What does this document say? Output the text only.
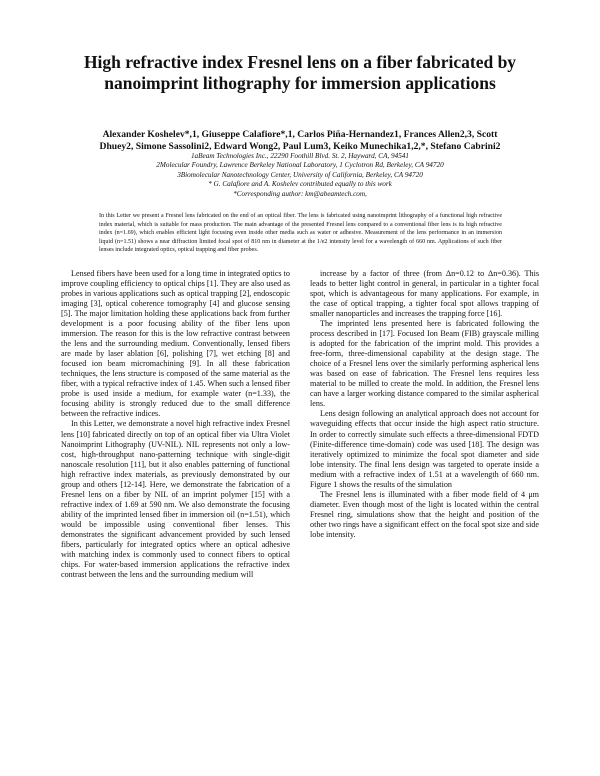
High refractive index Fresnel lens on a fiber fabricated by nanoimprint lithography for immersion applications
Alexander Koshelev*,1, Giuseppe Calafiore*,1, Carlos Piña-Hernandez1, Frances Allen2,3, Scott
Dhuey2, Simone Sassolini2, Edward Wong2, Paul Lum3, Keiko Munechika1,2,*, Stefano Cabrini2
1aBeam Technologies Inc., 22290 Foothill Blvd. St. 2, Hayward, CA, 94541
2Molecular Foundry, Lawrence Berkeley National Laboratory, 1 Cyclotron Rd, Berkeley, CA 94720
3Biomolecular Nanotechnology Center, University of California, Berkeley, CA 94720
* G. Calafiore and A. Koshelev contributed equally to this work
*Corresponding author: km@abeamtech.com,
In this Letter we present a Fresnel lens fabricated on the end of an optical fiber. The lens is fabricated using nanoimprint lithography of a functional high refractive index material, which is suitable for mass production. The main advantage of the presented Fresnel lens compared to a conventional fiber lens is its high refractive index (n=1.69), which enables efficient light focusing even inside other media such as water or adhesive. Measurement of the lens performance in an immersion liquid (n=1.51) shows a near diffraction limited focal spot of 810 nm in diameter at the 1/e2 intensity level for a wavelength of 660 nm. Applications of such fiber lenses include integrated optics, optical trapping and fiber probes.

Lensed fibers have been used for a long time in integrated optics to improve coupling efficiency to optical chips [1]. They are also used as probes in various applications such as optical trapping [2], endoscopic imaging [3], optical coherence tomography [4] and glucose sensing [5]. The major limitation holding these applications back from further development is a poor focusing ability of the fiber lens upon immersion. The reason for this is the low refractive contrast between the lens and the surrounding medium. Conventionally, lensed fibers are made by laser ablation [6], polishing [7], wet etching [8] and focused ion beam micromachining [9]. In all these fabrication techniques, the lens structure is composed of the same material as the fiber, with a typical refractive index of 1.45. When such a lensed fiber probe is used inside a medium, for example water (n=1.33), the focusing ability is strongly reduced due to the small difference between the refractive indices.

In this Letter, we demonstrate a novel high refractive index Fresnel lens [10] fabricated directly on top of an optical fiber via Ultra Violet Nanoimprint Lithography (UV-NIL). NIL represents not only a low-cost, high-throughput nano-patterning technique with single-digit nanoscale resolution [11], but it also enables patterning of functional high refractive index materials, as previously demonstrated by our group and others [12-14]. Here, we demonstrate the fabrication of a Fresnel lens on a fiber by NIL of an imprint polymer [15] with a refractive index of 1.69 at 590 nm. We also demonstrate the focusing ability of the imprinted lensed fiber in immersion oil (n=1.51), which would be impossible using conventional fiber lenses. This demonstrates the significant advancement provided by such lensed fibers, particularly for integrated optics where an optical adhesive with matching index is commonly used to connect fibers to optical chips. For water-based immersion applications the refractive index contrast between the lens and the surrounding medium will

increase by a factor of three (from Δn=0.12 to Δn=0.36). This leads to better light control in general, in particular in a tighter focal spot, which is advantageous for many applications. For example, in the case of optical trapping, a tighter focal spot allows trapping of smaller nanoparticles and increases the trapping force [16].

The imprinted lens presented here is fabricated following the process described in [17]. Focused Ion Beam (FIB) grayscale milling is adopted for the fabrication of the imprint mold. This provides a free-form, three-dimensional capability at the design stage. The choice of a Fresnel lens over the similarly performing aspherical lens was based on ease of fabrication. The Fresnel lens requires less material to be milled to create the mold. In addition, the Fresnel lens can have a larger working distance compared to the similar aspherical lens.

Lens design following an analytical approach does not account for waveguiding effects that occur inside the high aspect ratio structure. In order to correctly simulate such effects a three-dimensional FDTD (Finite-difference time-domain) code was used [18]. The design was iteratively optimized to minimize the focal spot diameter and side lobe intensity. The final lens design was targeted to operate inside a medium with a refractive index of 1.51 at a wavelength of 660 nm. Figure 1 shows the results of the simulation

The Fresnel lens is illuminated with a fiber mode field of 4 μm diameter. Even though most of the light is located within the central Fresnel ring, simulations show that the height and position of the other two rings have a significant effect on the focal spot size and side lobe intensity.
